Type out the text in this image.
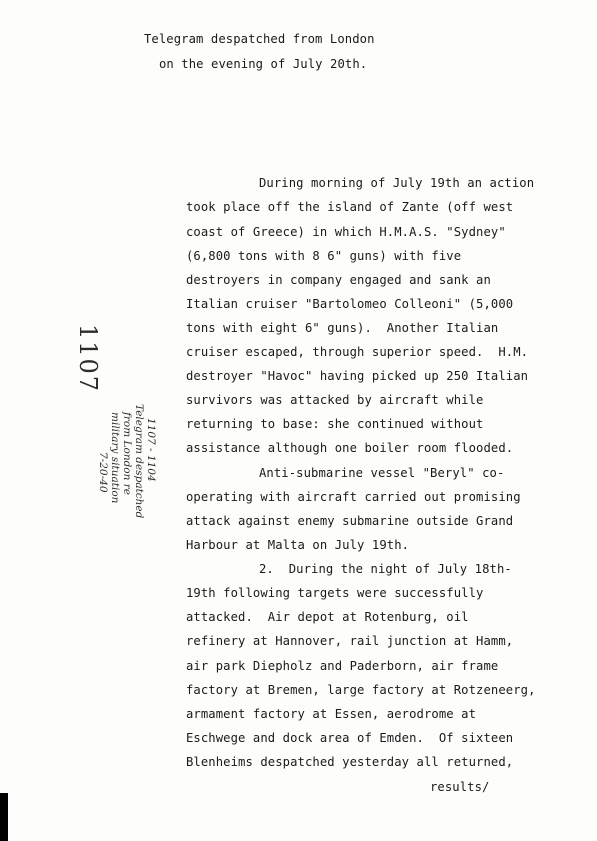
Telegram despatched from London
on the evening of July 20th.
During morning of July 19th an action
took place off the island of Zante (off west
coast of Greece) in which H.M.A.S. "Sydney"
(6,800 tons with 8 6" guns) with five
destroyers in company engaged and sank an
Italian cruiser "Bartolomeo Colleoni" (5,000
tons with eight 6" guns).  Another Italian
cruiser escaped, through superior speed.  H.M.
destroyer "Havoc" having picked up 250 Italian
survivors was attacked by aircraft while
returning to base: she continued without
assistance although one boiler room flooded.
Anti-submarine vessel "Beryl" co-
operating with aircraft carried out promising
attack against enemy submarine outside Grand
Harbour at Malta on July 19th.
2.  During the night of July 18th-
19th following targets were successfully
attacked.  Air depot at Rotenburg, oil
refinery at Hannover, rail junction at Hamm,
air park Diepholz and Paderborn, air frame
factory at Bremen, large factory at Rotzeneerg,
armament factory at Essen, aerodrome at
Eschwege and dock area of Emden.  Of sixteen
Blenheims despatched yesterday all returned,
results/
1107
1107 - 1104
Telegram despatched
from London re
military situation
7-20-40
